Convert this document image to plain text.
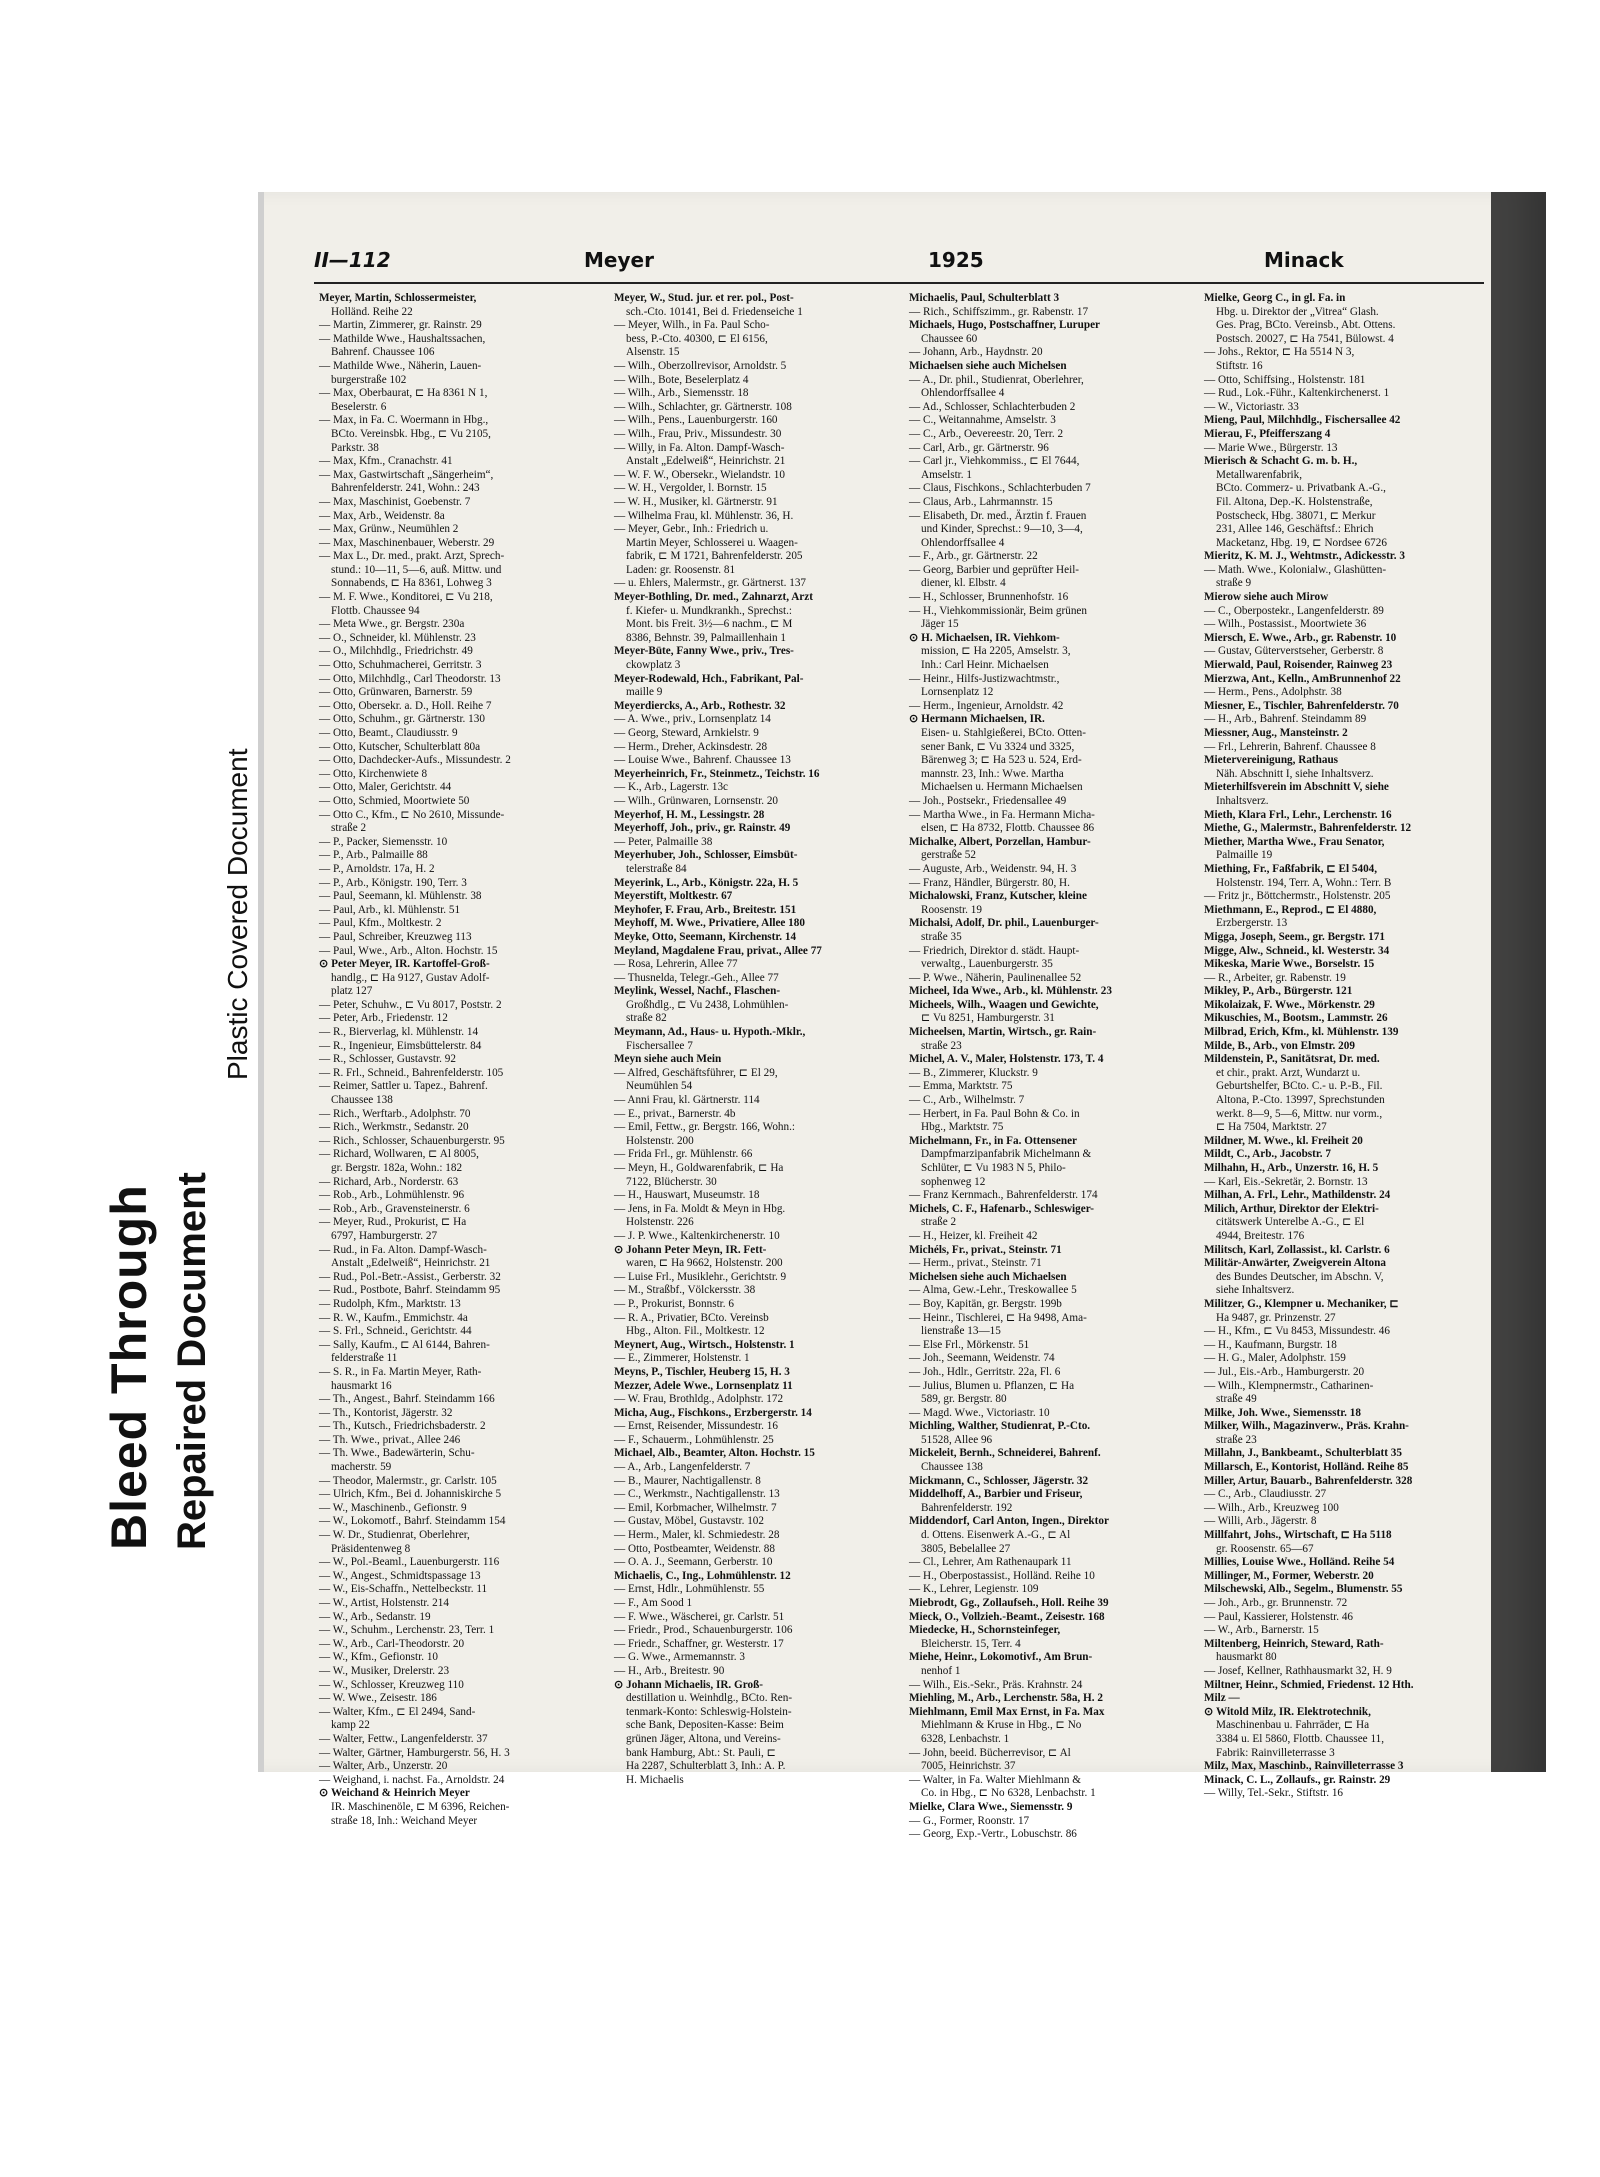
Bleed Through Repaired Document
Plastic Covered Document
II—112	Meyer	1925	Minack

Meyer, Martin, Schlossermeister,

Holländ. Reihe 22

— Martin, Zimmerer, gr. Rainstr. 29

— Mathilde Wwe., Haushaltssachen,

Bahrenf. Chaussee 106

— Mathilde Wwe., Näherin, Lauen-

burgerstraße 102

— Max, Oberbaurat, ⊏ Ha 8361 N 1,

Beselerstr. 6

— Max, in Fa. C. Woermann in Hbg.,

BCto. Vereinsbk. Hbg., ⊏ Vu 2105,

Parkstr. 38

— Max, Kfm., Cranachstr. 41

— Max, Gastwirtschaft „Sängerheim“,

Bahrenfelderstr. 241, Wohn.: 243

— Max, Maschinist, Goebenstr. 7

— Max, Arb., Weidenstr. 8a

— Max, Grünw., Neumühlen 2

— Max, Maschinenbauer, Weberstr. 29

— Max L., Dr. med., prakt. Arzt, Sprech-

stund.: 10—11, 5—6, auß. Mittw. und

Sonnabends, ⊏ Ha 8361, Lohweg 3

— M. F. Wwe., Konditorei, ⊏ Vu 218,

Flottb. Chaussee 94

— Meta Wwe., gr. Bergstr. 230a

— O., Schneider, kl. Mühlenstr. 23

— O., Milchhdlg., Friedrichstr. 49

— Otto, Schuhmacherei, Gerritstr. 3

— Otto, Milchhdlg., Carl Theodorstr. 13

— Otto, Grünwaren, Barnerstr. 59

— Otto, Obersekr. a. D., Holl. Reihe 7

— Otto, Schuhm., gr. Gärtnerstr. 130

— Otto, Beamt., Claudiusstr. 9

— Otto, Kutscher, Schulterblatt 80a

— Otto, Dachdecker-Aufs., Missundestr. 2

— Otto, Kirchenwiete 8

— Otto, Maler, Gerichtstr. 44

— Otto, Schmied, Moortwiete 50

— Otto C., Kfm., ⊏ No 2610, Missunde-

straße 2

— P., Packer, Siemensstr. 10

— P., Arb., Palmaille 88

— P., Arnoldstr. 17a, H. 2

— P., Arb., Königstr. 190, Terr. 3

— Paul, Seemann, kl. Mühlenstr. 38

— Paul, Arb., kl. Mühlenstr. 51

— Paul, Kfm., Moltkestr. 2

— Paul, Schreiber, Kreuzweg 113

— Paul, Wwe., Arb., Alton. Hochstr. 15

⊙ Peter Meyer, IR. Kartoffel-Groß-

handlg., ⊏ Ha 9127, Gustav Adolf-

platz 127

— Peter, Schuhw., ⊏ Vu 8017, Poststr. 2

— Peter, Arb., Friedenstr. 12

— R., Bierverlag, kl. Mühlenstr. 14

— R., Ingenieur, Eimsbüttelerstr. 84

— R., Schlosser, Gustavstr. 92

— R. Frl., Schneid., Bahrenfelderstr. 105

— Reimer, Sattler u. Tapez., Bahrenf.

Chaussee 138

— Rich., Werftarb., Adolphstr. 70

— Rich., Werkmstr., Sedanstr. 20

— Rich., Schlosser, Schauenburgerstr. 95

— Richard, Wollwaren, ⊏ Al 8005,

gr. Bergstr. 182a, Wohn.: 182

— Richard, Arb., Norderstr. 63

— Rob., Arb., Lohmühlenstr. 96

— Rob., Arb., Gravensteinerstr. 6

— Meyer, Rud., Prokurist, ⊏ Ha

6797, Hamburgerstr. 27

— Rud., in Fa. Alton. Dampf-Wasch-

Anstalt „Edelweiß“, Heinrichstr. 21

— Rud., Pol.-Betr.-Assist., Gerberstr. 32

— Rud., Postbote, Bahrf. Steindamm 95

— Rudolph, Kfm., Marktstr. 13

— R. W., Kaufm., Emmichstr. 4a

— S. Frl., Schneid., Gerichtstr. 44

— Sally, Kaufm., ⊏ Al 6144, Bahren-

felderstraße 11

— S. R., in Fa. Martin Meyer, Rath-

hausmarkt 16

— Th., Angest., Bahrf. Steindamm 166

— Th., Kontorist, Jägerstr. 32

— Th., Kutsch., Friedrichsbaderstr. 2

— Th. Wwe., privat., Allee 246

— Th. Wwe., Badewärterin, Schu-

macherstr. 59

— Theodor, Malermstr., gr. Carlstr. 105

— Ulrich, Kfm., Bei d. Johanniskirche 5

— W., Maschinenb., Gefionstr. 9

— W., Lokomotf., Bahrf. Steindamm 154

— W. Dr., Studienrat, Oberlehrer,

Präsidentenweg 8

— W., Pol.-Beaml., Lauenburgerstr. 116

— W., Angest., Schmidtspassage 13

— W., Eis-Schaffn., Nettelbeckstr. 11

— W., Artist, Holstenstr. 214

— W., Arb., Sedanstr. 19

— W., Schuhm., Lerchenstr. 23, Terr. 1

— W., Arb., Carl-Theodorstr. 20

— W., Kfm., Gefionstr. 10

— W., Musiker, Drelerstr. 23

— W., Schlosser, Kreuzweg 110

— W. Wwe., Zeisestr. 186

— Walter, Kfm., ⊏ El 2494, Sand-

kamp 22

— Walter, Fettw., Langenfelderstr. 37

— Walter, Gärtner, Hamburgerstr. 56, H. 3

— Walter, Arb., Unzerstr. 20

— Weighand, i. nachst. Fa., Arnoldstr. 24

⊙ Weichand & Heinrich Meyer

IR. Maschinenöle, ⊏ M 6396, Reichen-

straße 18, Inh.: Weichand Meyer

Meyer, W., Stud. jur. et rer. pol., Post-

sch.-Cto. 10141, Bei d. Friedenseiche 1

— Meyer, Wilh., in Fa. Paul Scho-

bess, P.-Cto. 40300, ⊏ El 6156,

Alsenstr. 15

— Wilh., Oberzollrevisor, Arnoldstr. 5

— Wilh., Bote, Beselerplatz 4

— Wilh., Arb., Siemensstr. 18

— Wilh., Schlachter, gr. Gärtnerstr. 108

— Wilh., Pens., Lauenburgerstr. 160

— Wilh., Frau, Priv., Missundestr. 30

— Willy, in Fa. Alton. Dampf-Wasch-

Anstalt „Edelweiß“, Heinrichstr. 21

— W. F. W., Obersekr., Wielandstr. 10

— W. H., Vergolder, l. Bornstr. 15

— W. H., Musiker, kl. Gärtnerstr. 91

— Wilhelma Frau, kl. Mühlenstr. 36, H.

— Meyer, Gebr., Inh.: Friedrich u.

Martin Meyer, Schlosserei u. Waagen-

fabrik, ⊏ M 1721, Bahrenfelderstr. 205

Laden: gr. Roosenstr. 81

— u. Ehlers, Malermstr., gr. Gärtnerst. 137

Meyer-Bothling, Dr. med., Zahnarzt, Arzt

f. Kiefer- u. Mundkrankh., Sprechst.:

Mont. bis Freit. 3½—6 nachm., ⊏ M

8386, Behnstr. 39, Palmaillenhain 1

Meyer-Büte, Fanny Wwe., priv., Tres-

ckowplatz 3

Meyer-Rodewald, Hch., Fabrikant, Pal-

maille 9

Meyerdiercks, A., Arb., Rothestr. 32

— A. Wwe., priv., Lornsenplatz 14

— Georg, Steward, Arnkielstr. 9

— Herm., Dreher, Ackinsdestr. 28

— Louise Wwe., Bahrenf. Chaussee 13

Meyerheinrich, Fr., Steinmetz., Teichstr. 16

— K., Arb., Lagerstr. 13c

— Wilh., Grünwaren, Lornsenstr. 20

Meyerhof, H. M., Lessingstr. 28

Meyerhoff, Joh., priv., gr. Rainstr. 49

— Peter, Palmaille 38

Meyerhuber, Joh., Schlosser, Eimsbüt-

telerstraße 84

Meyerink, L., Arb., Königstr. 22a, H. 5

Meyerstift, Moltkestr. 67

Meyhofer, F. Frau, Arb., Breitestr. 151

Meyhoff, M. Wwe., Privatiere, Allee 180

Meyke, Otto, Seemann, Kirchenstr. 14

Meyland, Magdalene Frau, privat., Allee 77

— Rosa, Lehrerin, Allee 77

— Thusnelda, Telegr.-Geh., Allee 77

Meylink, Wessel, Nachf., Flaschen-

Großhdlg., ⊏ Vu 2438, Lohmühlen-

straße 82

Meymann, Ad., Haus- u. Hypoth.-Mklr.,

Fischersallee 7

Meyn siehe auch Mein

— Alfred, Geschäftsführer, ⊏ El 29,

Neumühlen 54

— Anni Frau, kl. Gärtnerstr. 114

— E., privat., Barnerstr. 4b

— Emil, Fettw., gr. Bergstr. 166, Wohn.:

Holstenstr. 200

— Frida Frl., gr. Mühlenstr. 66

— Meyn, H., Goldwarenfabrik, ⊏ Ha

7122, Blücherstr. 30

— H., Hauswart, Museumstr. 18

— Jens, in Fa. Moldt & Meyn in Hbg.

Holstenstr. 226

— J. P. Wwe., Kaltenkirchenerstr. 10

⊙ Johann Peter Meyn, IR. Fett-

waren, ⊏ Ha 9662, Holstenstr. 200

— Luise Frl., Musiklehr., Gerichtstr. 9

— M., Straßbf., Völckersstr. 38

— P., Prokurist, Bonnstr. 6

— R. A., Privatier, BCto. Vereinsb

Hbg., Alton. Fil., Moltkestr. 12

Meynert, Aug., Wirtsch., Holstenstr. 1

— E., Zimmerer, Holstenstr. 1

Meyns, P., Tischler, Heuberg 15, H. 3

Mezzer, Adele Wwe., Lornsenplatz 11

— W. Frau, Brothldg., Adolphstr. 172

Micha, Aug., Fischkons., Erzbergerstr. 14

— Ernst, Reisender, Missundestr. 16

— F., Schauerm., Lohmühlenstr. 25

Michael, Alb., Beamter, Alton. Hochstr. 15

— A., Arb., Langenfelderstr. 7

— B., Maurer, Nachtigallenstr. 8

— C., Werkmstr., Nachtigallenstr. 13

— Emil, Korbmacher, Wilhelmstr. 7

— Gustav, Möbel, Gustavstr. 102

— Herm., Maler, kl. Schmiedestr. 28

— Otto, Postbeamter, Weidenstr. 88

— O. A. J., Seemann, Gerberstr. 10

Michaelis, C., Ing., Lohmühlenstr. 12

— Ernst, Hdlr., Lohmühlenstr. 55

— F., Am Sood 1

— F. Wwe., Wäscherei, gr. Carlstr. 51

— Friedr., Prod., Schauenburgerstr. 106

— Friedr., Schaffner, gr. Westerstr. 17

— G. Wwe., Armemannstr. 3

— H., Arb., Breitestr. 90

⊙ Johann Michaelis, IR. Groß-

destillation u. Weinhdlg., BCto. Ren-

tenmark-Konto: Schleswig-Holstein-

sche Bank, Depositen-Kasse: Beim

grünen Jäger, Altona, und Vereins-

bank Hamburg, Abt.: St. Pauli, ⊏

Ha 2287, Schulterblatt 3, Inh.: A. P.

H. Michaelis

Michaelis, Paul, Schulterblatt 3

— Rich., Schiffszimm., gr. Rabenstr. 17

Michaels, Hugo, Postschaffner, Luruper

Chaussee 60

— Johann, Arb., Haydnstr. 20

Michaelsen siehe auch Michelsen

— A., Dr. phil., Studienrat, Oberlehrer,

Ohlendorffsallee 4

— Ad., Schlosser, Schlachterbuden 2

— C., Weitannahme, Amselstr. 3

— C., Arb., Oevereestr. 20, Terr. 2

— Carl, Arb., gr. Gärtnerstr. 96

— Carl jr., Viehkommiss., ⊏ El 7644,

Amselstr. 1

— Claus, Fischkons., Schlachterbuden 7

— Claus, Arb., Lahrmannstr. 15

— Elisabeth, Dr. med., Ärztin f. Frauen

und Kinder, Sprechst.: 9—10, 3—4,

Ohlendorffsallee 4

— F., Arb., gr. Gärtnerstr. 22

— Georg, Barbier und geprüfter Heil-

diener, kl. Elbstr. 4

— H., Schlosser, Brunnenhofstr. 16

— H., Viehkommissionär, Beim grünen

Jäger 15

⊙ H. Michaelsen, IR. Viehkom-

mission, ⊏ Ha 2205, Amselstr. 3,

Inh.: Carl Heinr. Michaelsen

— Heinr., Hilfs-Justizwachtmstr.,

Lornsenplatz 12

— Herm., Ingenieur, Arnoldstr. 42

⊙ Hermann Michaelsen, IR.

Eisen- u. Stahlgießerei, BCto. Otten-

sener Bank, ⊏ Vu 3324 und 3325,

Bärenweg 3; ⊏ Ha 523 u. 524, Erd-

mannstr. 23, Inh.: Wwe. Martha

Michaelsen u. Hermann Michaelsen

— Joh., Postsekr., Friedensallee 49

— Martha Wwe., in Fa. Hermann Micha-

elsen, ⊏ Ha 8732, Flottb. Chaussee 86

Michalke, Albert, Porzellan, Hambur-

gerstraße 52

— Auguste, Arb., Weidenstr. 94, H. 3

— Franz, Händler, Bürgerstr. 80, H.

Michalowski, Franz, Kutscher, kleine

Roosenstr. 19

Michalsi, Adolf, Dr. phil., Lauenburger-

straße 35

— Friedrich, Direktor d. städt. Haupt-

verwaltg., Lauenburgerstr. 35

— P. Wwe., Näherin, Paulinenallee 52

Micheel, Ida Wwe., Arb., kl. Mühlenstr. 23

Micheels, Wilh., Waagen und Gewichte,

⊏ Vu 8251, Hamburgerstr. 31

Micheelsen, Martin, Wirtsch., gr. Rain-

straße 23

Michel, A. V., Maler, Holstenstr. 173, T. 4

— B., Zimmerer, Kluckstr. 9

— Emma, Marktstr. 75

— C., Arb., Wilhelmstr. 7

— Herbert, in Fa. Paul Bohn & Co. in

Hbg., Marktstr. 75

Michelmann, Fr., in Fa. Ottensener

Dampfmarzipanfabrik Michelmann &

Schlüter, ⊏ Vu 1983 N 5, Philo-

sophenweg 12

— Franz Kernmach., Bahrenfelderstr. 174

Michels, C. F., Hafenarb., Schleswiger-

straße 2

— H., Heizer, kl. Freiheit 42

Michéls, Fr., privat., Steinstr. 71

— Herm., privat., Steinstr. 71

Michelsen siehe auch Michaelsen

— Alma, Gew.-Lehr., Treskowallee 5

— Boy, Kapitän, gr. Bergstr. 199b

— Heinr., Tischlerei, ⊏ Ha 9498, Ama-

lienstraße 13—15

— Else Frl., Mörkenstr. 51

— Joh., Seemann, Weidenstr. 74

— Joh., Hdlr., Gerritstr. 22a, Fl. 6

— Julius, Blumen u. Pflanzen, ⊏ Ha

589, gr. Bergstr. 80

— Magd. Wwe., Victoriastr. 10

Michling, Walther, Studienrat, P.-Cto.

51528, Allee 96

Mickeleit, Bernh., Schneiderei, Bahrenf.

Chaussee 138

Mickmann, C., Schlosser, Jägerstr. 32

Middelhoff, A., Barbier und Friseur,

Bahrenfelderstr. 192

Middendorf, Carl Anton, Ingen., Direktor

d. Ottens. Eisenwerk A.-G., ⊏ Al

3805, Bebelallee 27

— Cl., Lehrer, Am Rathenaupark 11

— H., Oberpostassist., Holländ. Reihe 10

— K., Lehrer, Legienstr. 109

Miebrodt, Gg., Zollaufseh., Holl. Reihe 39

Mieck, O., Vollzieh.-Beamt., Zeisestr. 168

Miedecke, H., Schornsteinfeger,

Bleicherstr. 15, Terr. 4

Miehe, Heinr., Lokomotivf., Am Brun-

nenhof 1

— Wilh., Eis.-Sekr., Präs. Krahnstr. 24

Miehling, M., Arb., Lerchenstr. 58a, H. 2

Miehlmann, Emil Max Ernst, in Fa. Max

Miehlmann & Kruse in Hbg., ⊏ No

6328, Lenbachstr. 1

— John, beeid. Bücherrevisor, ⊏ Al

7005, Heinrichstr. 37

— Walter, in Fa. Walter Miehlmann &

Co. in Hbg., ⊏ No 6328, Lenbachstr. 1

Mielke, Clara Wwe., Siemensstr. 9

— G., Former, Roonstr. 17

— Georg, Exp.-Vertr., Lobuschstr. 86

Mielke, Georg C., in gl. Fa. in

Hbg. u. Direktor der „Vitrea“ Glash.

Ges. Prag, BCto. Vereinsb., Abt. Ottens.

Postsch. 20027, ⊏ Ha 7541, Bülowst. 4

— Johs., Rektor, ⊏ Ha 5514 N 3,

Stiftstr. 16

— Otto, Schiffsing., Holstenstr. 181

— Rud., Lok.-Führ., Kaltenkirchenerst. 1

— W., Victoriastr. 33

Mieng, Paul, Milchhdlg., Fischersallee 42

Mierau, F., Pfeifferszang 4

— Marie Wwe., Bürgerstr. 13

Mierisch & Schacht G. m. b. H.,

Metallwarenfabrik,

BCto. Commerz- u. Privatbank A.-G.,

Fil. Altona, Dep.-K. Holstenstraße,

Postscheck, Hbg. 38071, ⊏ Merkur

231, Allee 146, Geschäftsf.: Ehrich

Macketanz, Hbg. 19, ⊏ Nordsee 6726

Mieritz, K. M. J., Wehtmstr., Adickesstr. 3

— Math. Wwe., Kolonialw., Glashütten-

straße 9

Mierow siehe auch Mirow

— C., Oberpostekr., Langenfelderstr. 89

— Wilh., Postassist., Moortwiete 36

Miersch, E. Wwe., Arb., gr. Rabenstr. 10

— Gustav, Güterverstseher, Gerberstr. 8

Mierwald, Paul, Roisender, Rainweg 23

Mierzwa, Ant., Kelln., AmBrunnenhof 22

— Herm., Pens., Adolphstr. 38

Miesner, E., Tischler, Bahrenfelderstr. 70

— H., Arb., Bahrenf. Steindamm 89

Miessner, Aug., Mansteinstr. 2

— Frl., Lehrerin, Bahrenf. Chaussee 8

Mietervereinigung, Rathaus

Näh. Abschnitt I, siehe Inhaltsverz.

Mieterhilfsverein im Abschnitt V, siehe

Inhaltsverz.

Mieth, Klara Frl., Lehr., Lerchenstr. 16

Miethe, G., Malermstr., Bahrenfelderstr. 12

Miether, Martha Wwe., Frau Senator,

Palmaille 19

Miething, Fr., Faßfabrik, ⊏ El 5404,

Holstenstr. 194, Terr. A, Wohn.: Terr. B

— Fritz jr., Böttchermstr., Holstenstr. 205

Miethmann, E., Reprod., ⊏ El 4880,

Erzbergerstr. 13

Migga, Joseph, Seem., gr. Bergstr. 171

Migge, Alw., Schneid., kl. Westerstr. 34

Mikeska, Marie Wwe., Borselstr. 15

— R., Arbeiter, gr. Rabenstr. 19

Mikley, P., Arb., Bürgerstr. 121

Mikolaizak, F. Wwe., Mörkenstr. 29

Mikuschies, M., Bootsm., Lammstr. 26

Milbrad, Erich, Kfm., kl. Mühlenstr. 139

Milde, B., Arb., von Elmstr. 209

Mildenstein, P., Sanitätsrat, Dr. med.

et chir., prakt. Arzt, Wundarzt u.

Geburtshelfer, BCto. C.- u. P.-B., Fil.

Altona, P.-Cto. 13997, Sprechstunden

werkt. 8—9, 5—6, Mittw. nur vorm.,

⊏ Ha 7504, Marktstr. 27

Mildner, M. Wwe., kl. Freiheit 20

Mildt, C., Arb., Jacobstr. 7

Milhahn, H., Arb., Unzerstr. 16, H. 5

— Karl, Eis.-Sekretär, 2. Bornstr. 13

Milhan, A. Frl., Lehr., Mathildenstr. 24

Milich, Arthur, Direktor der Elektri-

citätswerk Unterelbe A.-G., ⊏ El

4944, Breitestr. 176

Militsch, Karl, Zollassist., kl. Carlstr. 6

Militär-Anwärter, Zweigverein Altona

des Bundes Deutscher, im Abschn. V,

siehe Inhaltsverz.

Militzer, G., Klempner u. Mechaniker, ⊏

Ha 9487, gr. Prinzenstr. 27

— H., Kfm., ⊏ Vu 8453, Missundestr. 46

— H., Kaufmann, Burgstr. 18

— H. G., Maler, Adolphstr. 159

— Jul., Eis.-Arb., Hamburgerstr. 20

— Wilh., Klempnermstr., Catharinen-

straße 49

Milke, Joh. Wwe., Siemensstr. 18

Milker, Wilh., Magazinverw., Präs. Krahn-

straße 23

Millahn, J., Bankbeamt., Schulterblatt 35

Millarsch, E., Kontorist, Holländ. Reihe 85

Miller, Artur, Bauarb., Bahrenfelderstr. 328

— C., Arb., Claudiusstr. 27

— Wilh., Arb., Kreuzweg 100

— Willi, Arb., Jägerstr. 8

Millfahrt, Johs., Wirtschaft, ⊏ Ha 5118

gr. Roosenstr. 65—67

Millies, Louise Wwe., Holländ. Reihe 54

Millinger, M., Former, Weberstr. 20

Milschewski, Alb., Segelm., Blumenstr. 55

— Joh., Arb., gr. Brunnenstr. 72

— Paul, Kassierer, Holstenstr. 46

— W., Arb., Barnerstr. 15

Miltenberg, Heinrich, Steward, Rath-

hausmarkt 80

— Josef, Kellner, Rathhausmarkt 32, H. 9

Miltner, Heinr., Schmied, Friedenst. 12 Hth.

Milz —

⊙ Witold Milz, IR. Elektrotechnik,

Maschinenbau u. Fahrräder, ⊏ Ha

3384 u. El 5860, Flottb. Chaussee 11,

Fabrik: Rainvilleterrasse 3

Milz, Max, Maschinb., Rainvilleterrasse 3

Minack, C. L., Zollaufs., gr. Rainstr. 29

— Willy, Tel.-Sekr., Stiftstr. 16
